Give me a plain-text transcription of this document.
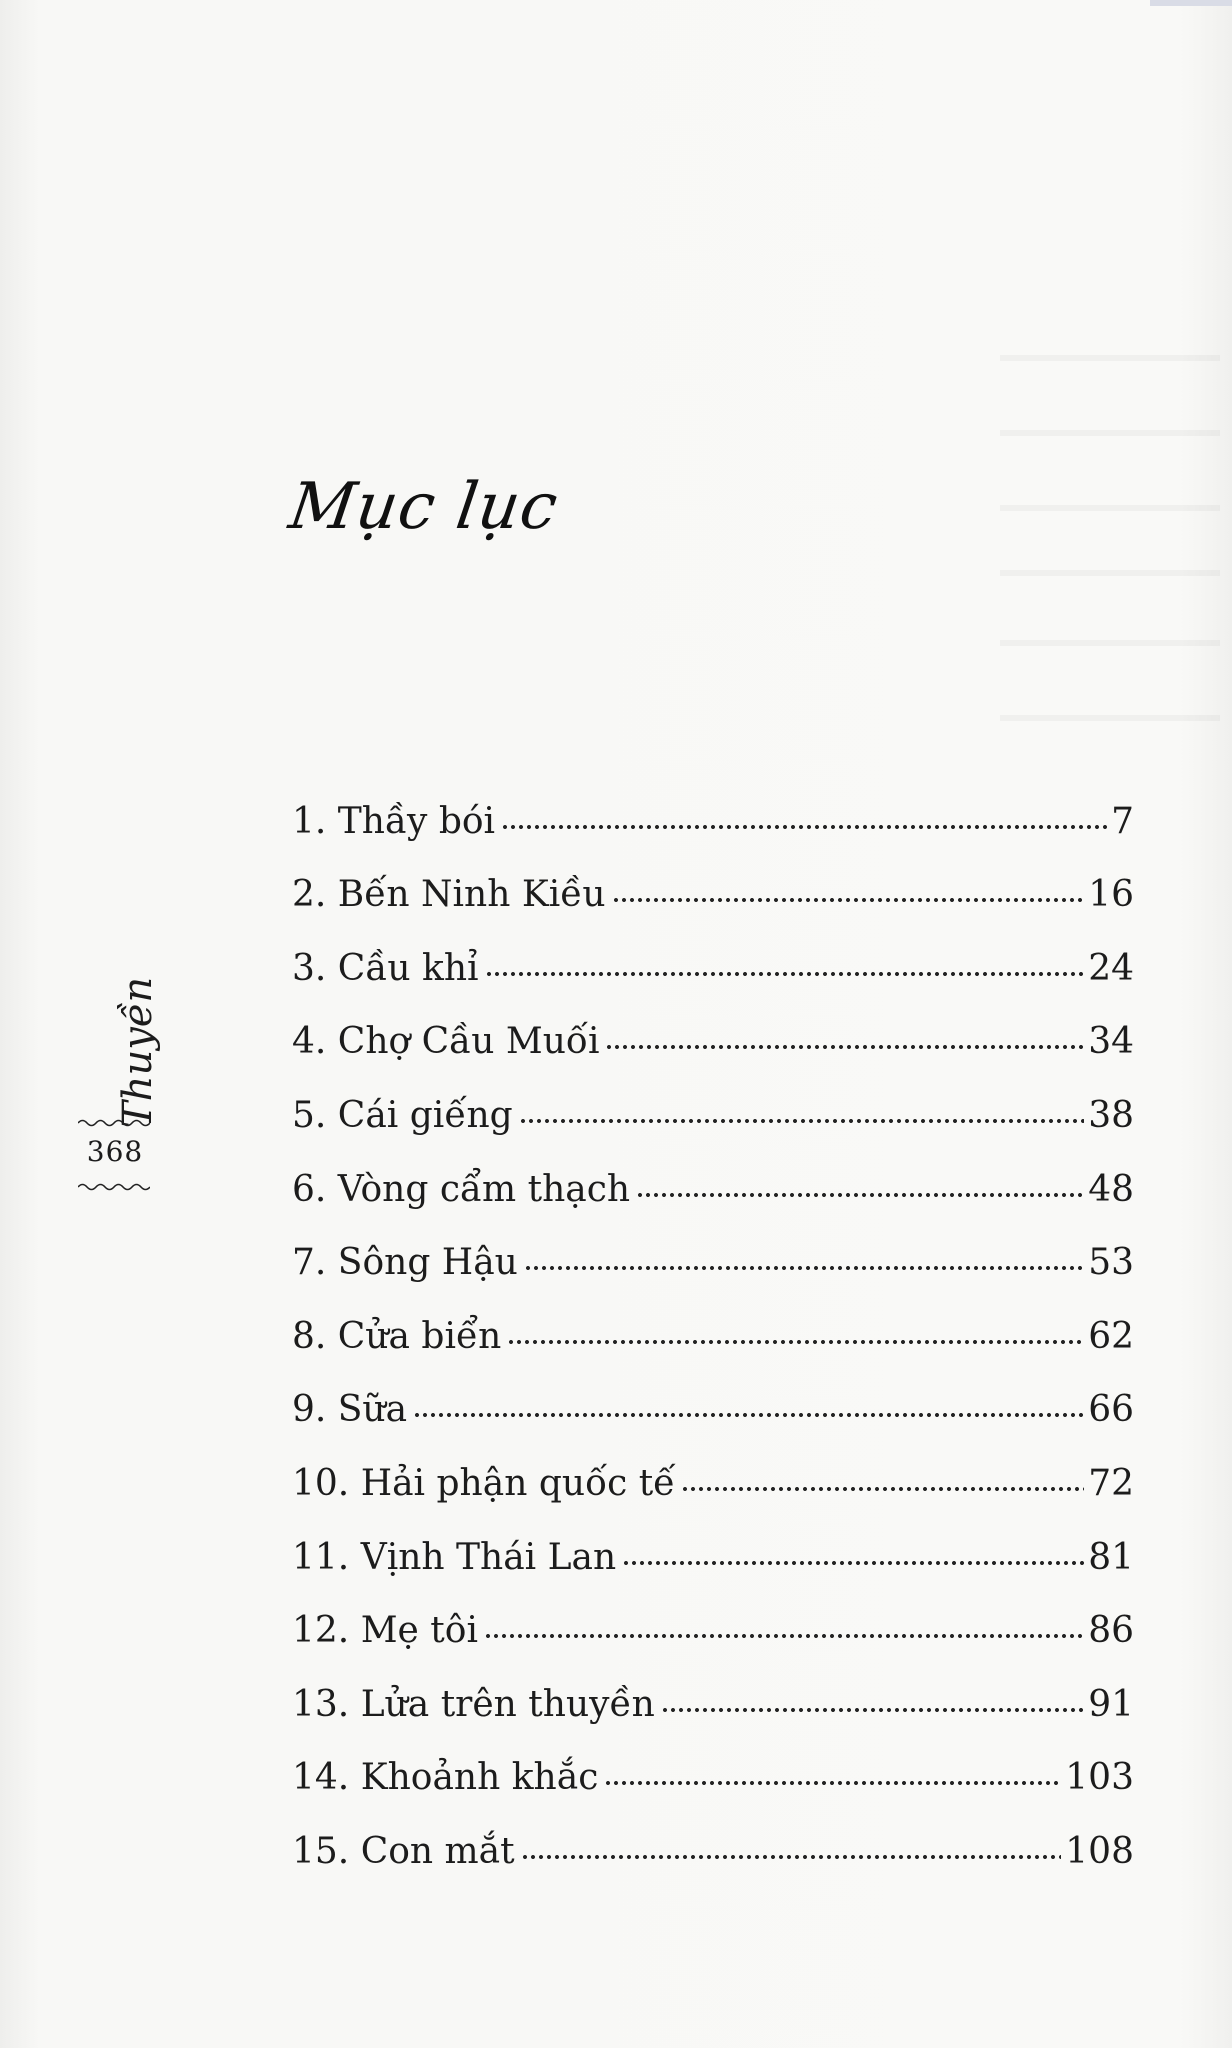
Mục lục
Thuyền
368
1. Thầy bói	7
2. Bến Ninh Kiều	16
3. Cầu khỉ	24
4. Chợ Cầu Muối	34
5. Cái giếng	38
6. Vòng cẩm thạch	48
7. Sông Hậu	53
8. Cửa biển	62
9. Sữa	66
10. Hải phận quốc tế	72
11. Vịnh Thái Lan	81
12. Mẹ tôi	86
13. Lửa trên thuyền	91
14. Khoảnh khắc	103
15. Con mắt	108
